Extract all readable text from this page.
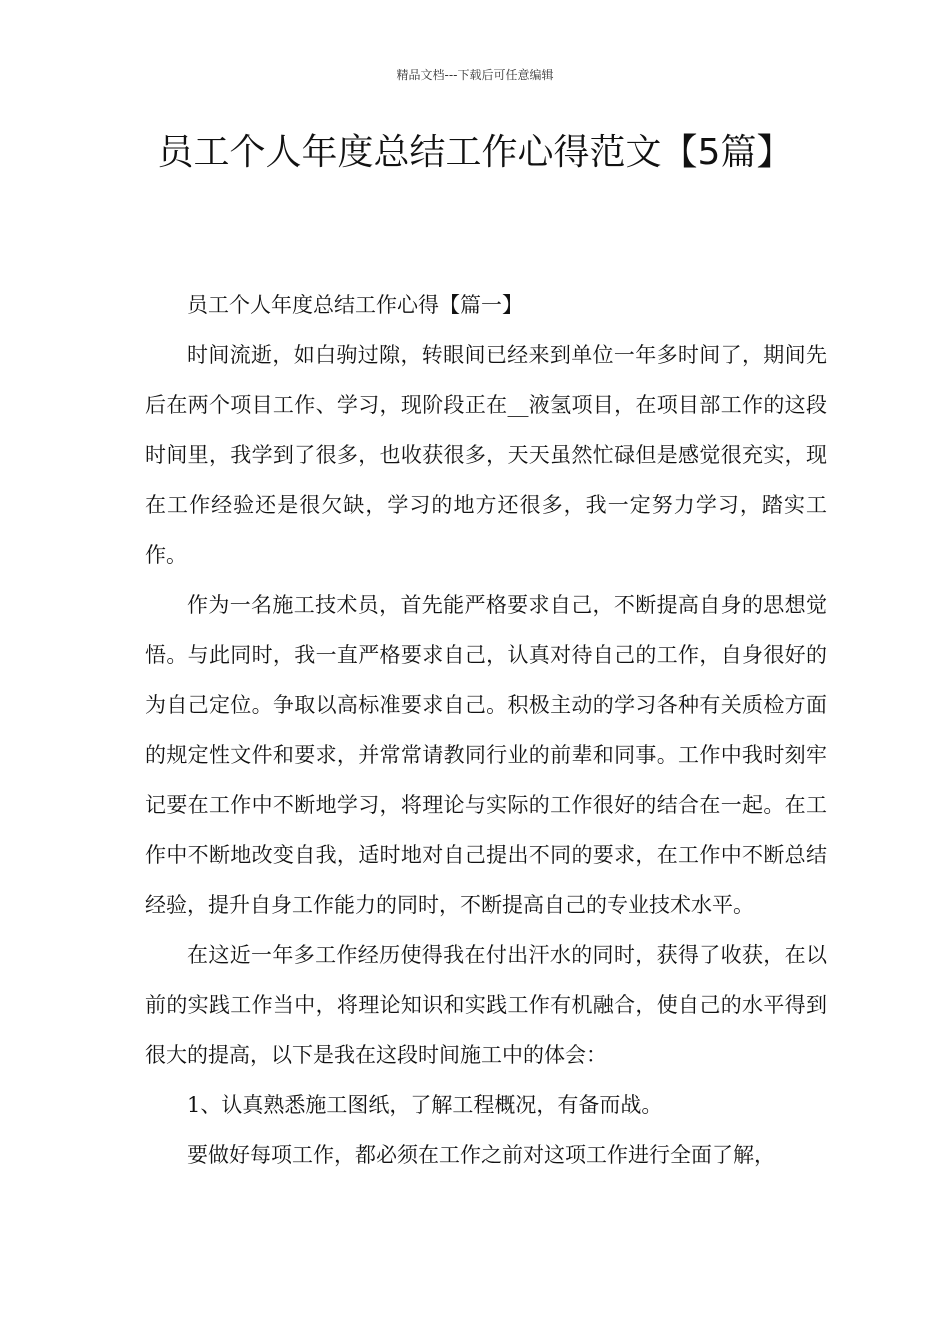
精品文档---下载后可任意编辑
员工个人年度总结工作心得范文【5篇】

员工个人年度总结工作心得【篇一】

时间流逝，如白驹过隙，转眼间已经来到单位一年多时间了，期间先后在两个项目工作、学习，现阶段正在__液氢项目，在项目部工作的这段时间里，我学到了很多，也收获很多，天天虽然忙碌但是感觉很充实，现在工作经验还是很欠缺，学习的地方还很多，我一定努力学习，踏实工作。

作为一名施工技术员，首先能严格要求自己，不断提高自身的思想觉悟。与此同时，我一直严格要求自己，认真对待自己的工作，自身很好的为自己定位。争取以高标准要求自己。积极主动的学习各种有关质检方面的规定性文件和要求，并常常请教同行业的前辈和同事。工作中我时刻牢记要在工作中不断地学习，将理论与实际的工作很好的结合在一起。在工作中不断地改变自我，适时地对自己提出不同的要求，在工作中不断总结经验，提升自身工作能力的同时，不断提高自己的专业技术水平。

在这近一年多工作经历使得我在付出汗水的同时，获得了收获，在以前的实践工作当中，将理论知识和实践工作有机融合，使自己的水平得到很大的提高，以下是我在这段时间施工中的体会：

1、认真熟悉施工图纸，了解工程概况，有备而战。

要做好每项工作，都必须在工作之前对这项工作进行全面了解，
